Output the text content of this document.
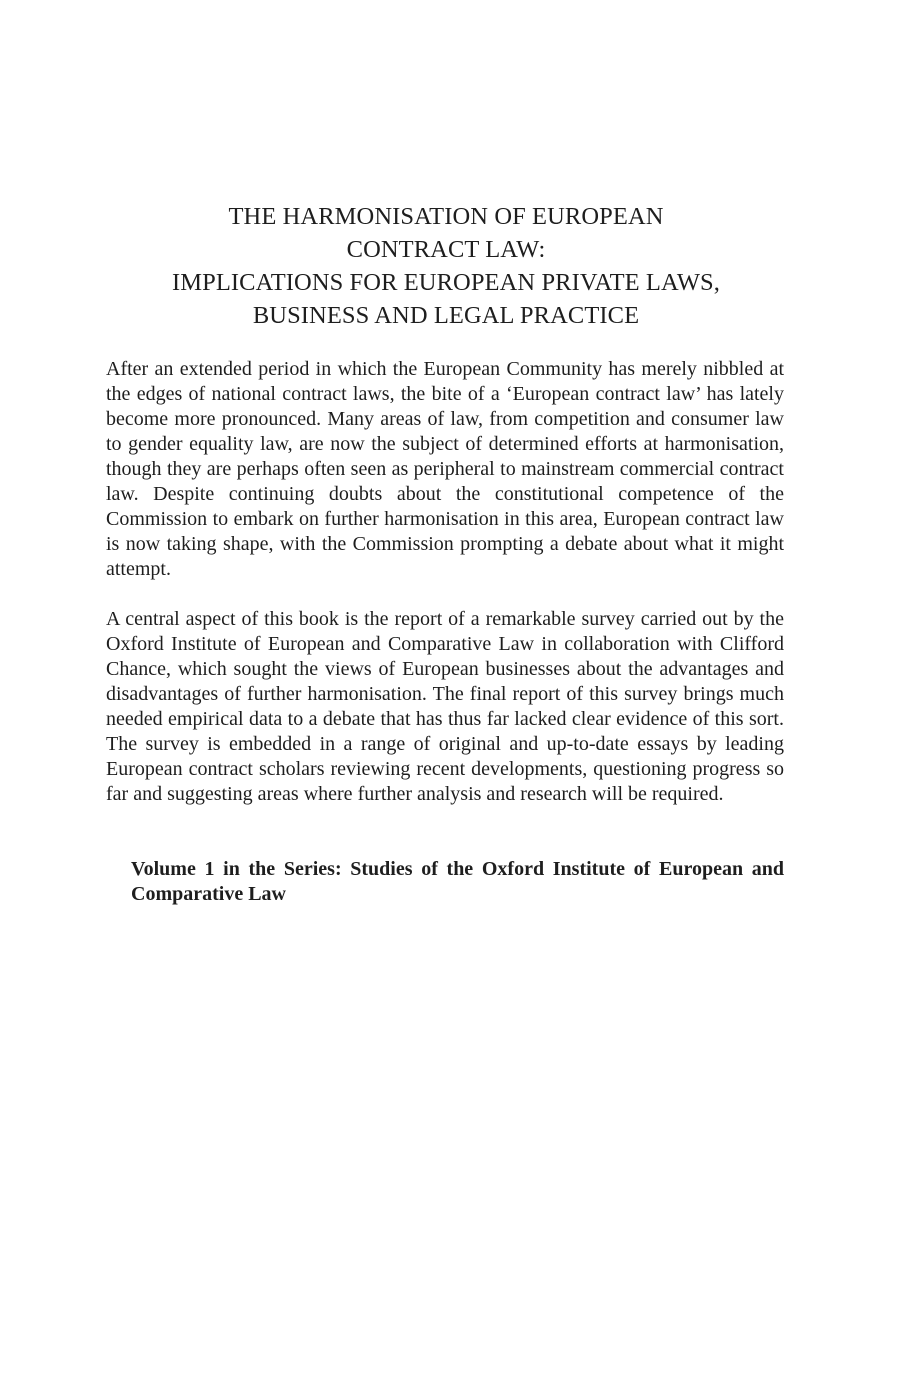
THE HARMONISATION OF EUROPEAN
CONTRACT LAW:
IMPLICATIONS FOR EUROPEAN PRIVATE LAWS,
BUSINESS AND LEGAL PRACTICE

After an extended period in which the European Community has merely nibbled at the edges of national contract laws, the bite of a ‘European contract law’ has lately become more pronounced. Many areas of law, from competition and consumer law to gender equality law, are now the subject of determined efforts at harmonisation, though they are perhaps often seen as peripheral to mainstream commercial contract law. Despite continuing doubts about the constitutional competence of the Commission to embark on further harmonisation in this area, European contract law is now taking shape, with the Commission prompting a debate about what it might attempt.

A central aspect of this book is the report of a remarkable survey carried out by the Oxford Institute of European and Comparative Law in collaboration with Clifford Chance, which sought the views of European businesses about the advantages and disadvantages of further harmonisation. The final report of this survey brings much needed empirical data to a debate that has thus far lacked clear evidence of this sort. The survey is embedded in a range of original and up-to-date essays by leading European contract scholars reviewing recent developments, questioning progress so far and suggesting areas where further analysis and research will be required.

Volume 1 in the Series: Studies of the Oxford Institute of European and Comparative Law
